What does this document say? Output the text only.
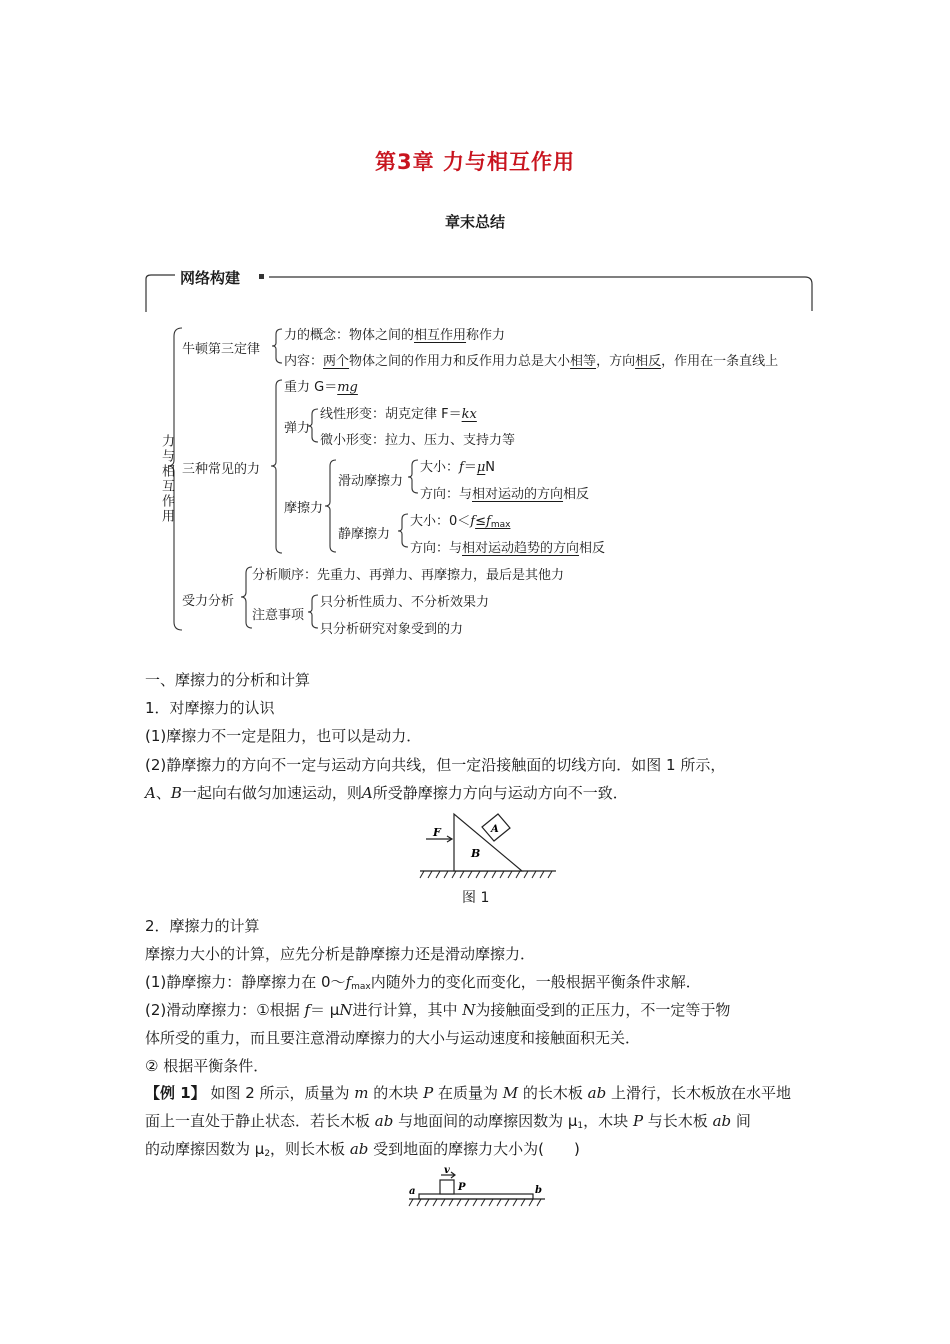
第3章 力与相互作用
章末总结
网络构建
力与相互作用
牛顿第三定律
力的概念：物体之间的相互作用称作力
内容：两个物体之间的作用力和反作用力总是大小相等，方向相反，作用在一条直线上
三种常见的力
重力 G＝mg
弹力
线性形变：胡克定律 F＝kx
微小形变：拉力、压力、支持力等
摩擦力
滑动摩擦力
大小：f＝μN
方向：与相对运动的方向相反
静摩擦力
大小：$0<f\le f_{max}$
方向：与相对运动趋势的方向相反
受力分析
分析顺序：先重力、再弹力、再摩擦力，最后是其他力
注意事项
只分析性质力、不分析效果力
只分析研究对象受到的力
一、摩擦力的分析和计算
1．对摩擦力的认识
(1)摩擦力不一定是阻力，也可以是动力．
(2)静摩擦力的方向不一定与运动方向共线，但一定沿接触面的切线方向．如图 1 所示，
A、B一起向右做匀加速运动，则A所受静摩擦力方向与运动方向不一致．
F	A
B
图 1
2．摩擦力的计算
摩擦力大小的计算，应先分析是静摩擦力还是滑动摩擦力．
(1)静摩擦力：静摩擦力在 $0\sim f_{max}$内随外力的变化而变化，一般根据平衡条件求解．
(2)滑动摩擦力：①根据 f＝ μN进行计算，其中 N为接触面受到的正压力，不一定等于物
体所受的重力，而且要注意滑动摩擦力的大小与运动速度和接触面积无关．
② 根据平衡条件．
【例 1】 如图 2 所示，质量为 m 的木块 P 在质量为 M 的长木板 ab 上滑行，长木板放在水平地
面上一直处于静止状态．若长木板 ab 与地面间的动摩擦因数为 $\mu_1$，木块 P 与长木板 ab 间
的动摩擦因数为 $\mu_2$，则长木板 ab 受到地面的摩擦力大小为(　　)
v
P
a	b
